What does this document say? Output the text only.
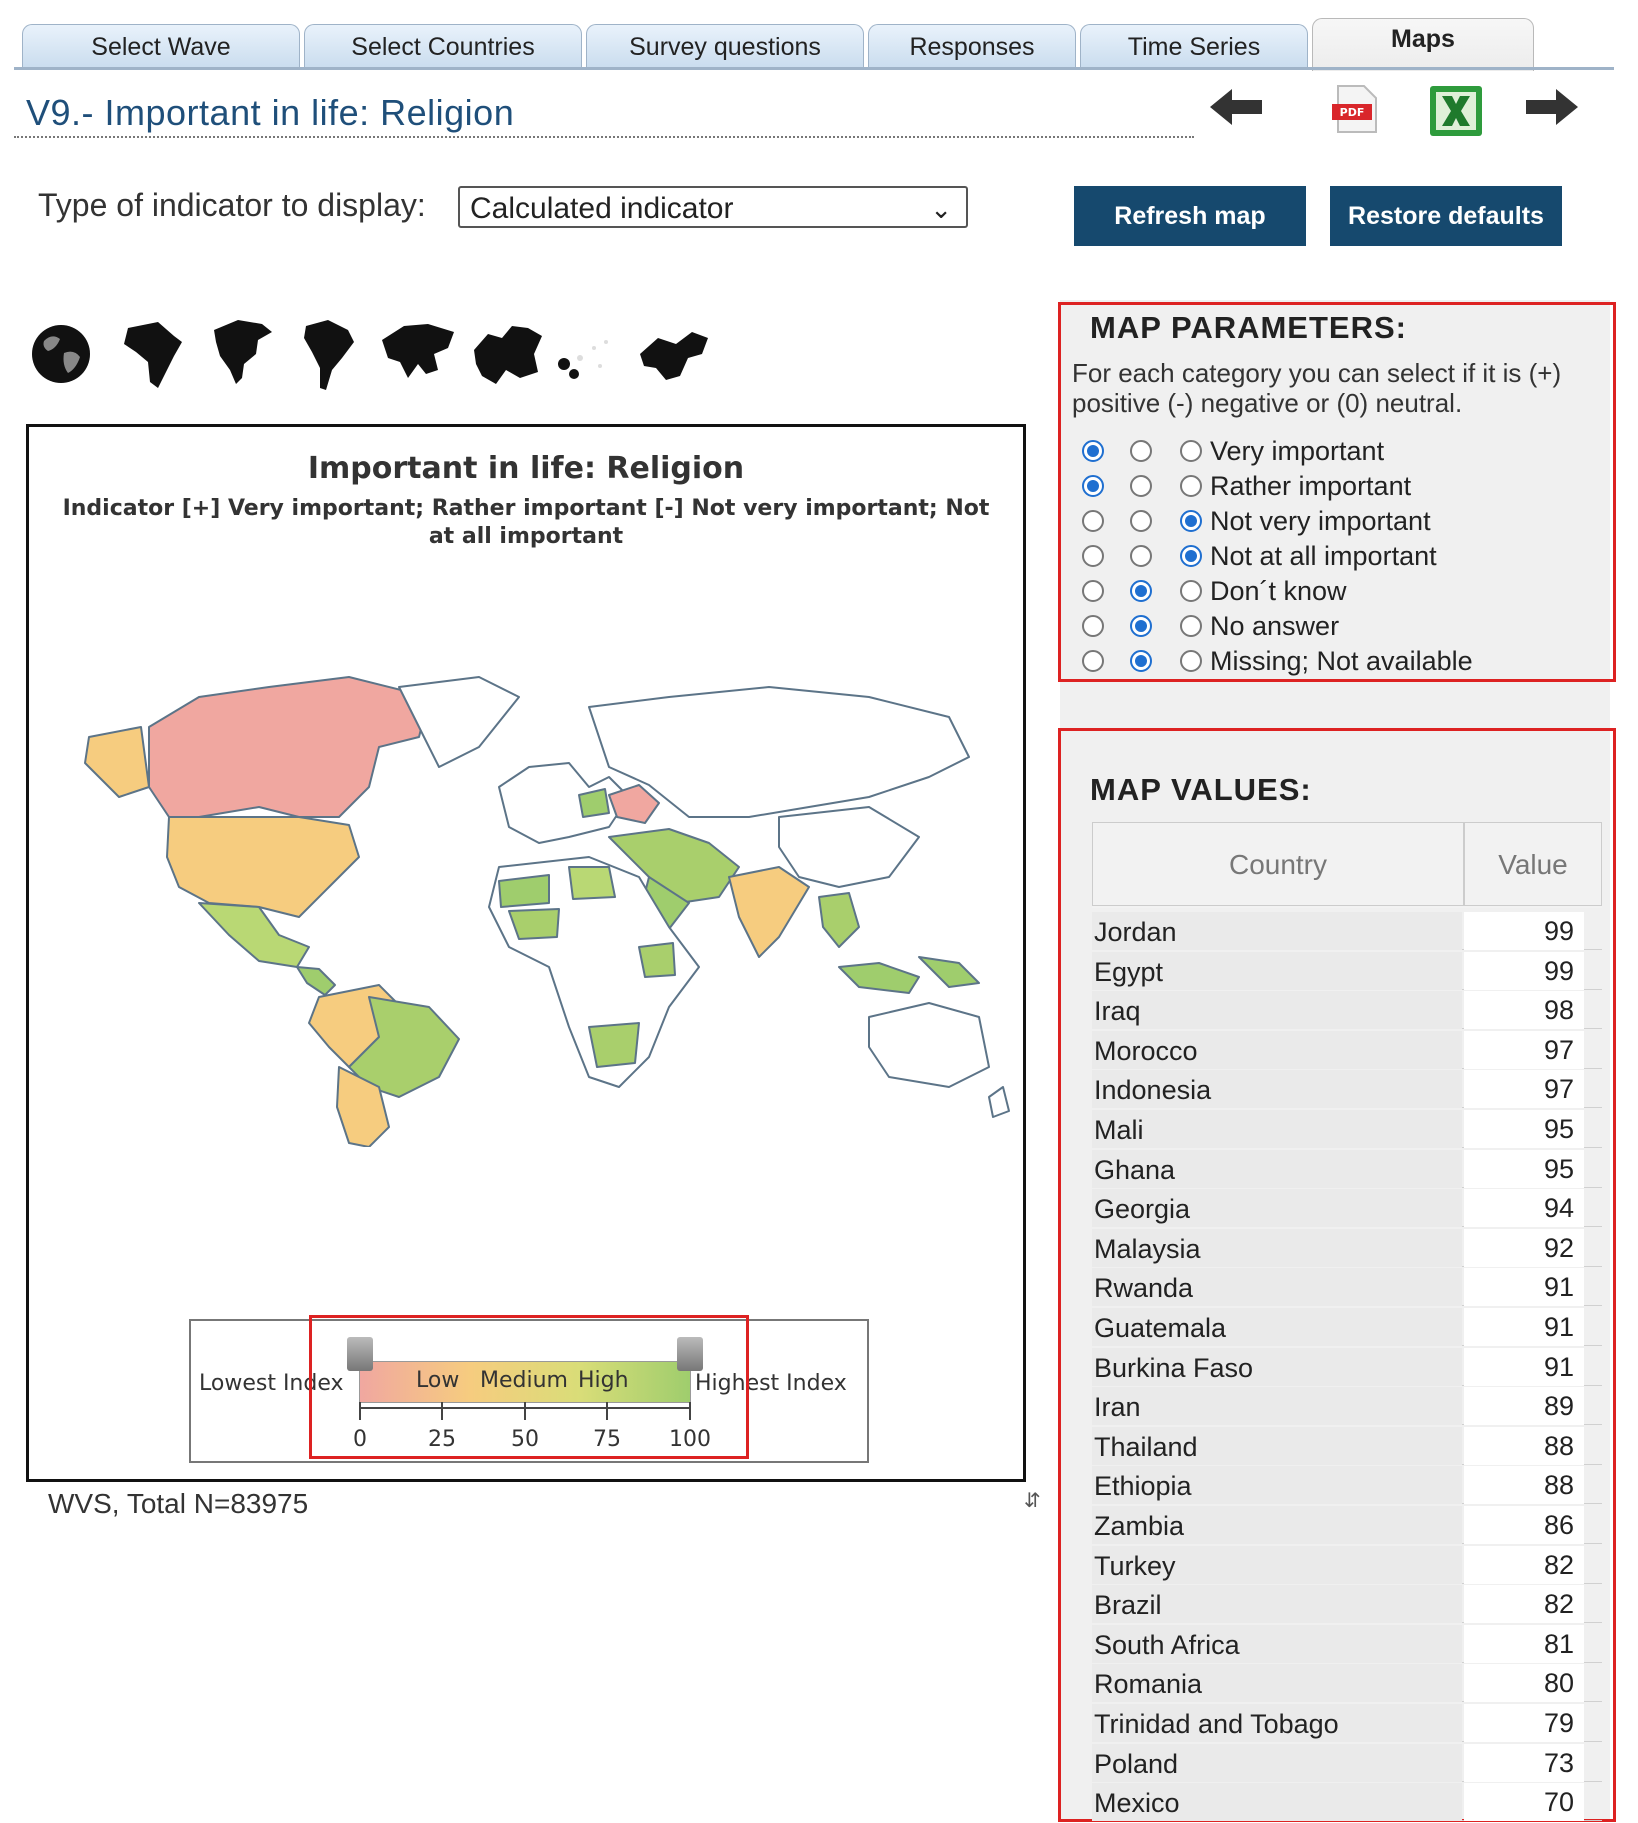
Select Wave	Select Countries	Survey questions	Responses	Time Series	Maps
V9.- Important in life: Religion	PDF
Type of indicator to display:	Calculated indicator	⌄	Refresh map	Restore defaults
Important in life: Religion
Indicator [+] Very important; Rather important [-] Not very important; Not at all important
Lowest Index	Highest Index
Low Medium High
0	25	50 75 100
WVS, Total N=83975	⇵
MAP PARAMETERS:
For each category you can select if it is (+) positive (-) negative or (0) neutral.
Very important
Rather important
Not very important
Not at all important
Don´t know
No answer
Missing; Not available
MAP VALUES:
Country	Value
Jordan	99
Egypt	99
Iraq	98
Morocco	97
Indonesia	97
Mali	95
Ghana	95
Georgia	94
Malaysia	92
Rwanda	91
Guatemala	91
Burkina Faso	91
Iran	89
Thailand	88
Ethiopia	88
Zambia	86
Turkey	82
Brazil	82
South Africa	81
Romania	80
Trinidad and Tobago	79
Poland	73
Mexico	70
